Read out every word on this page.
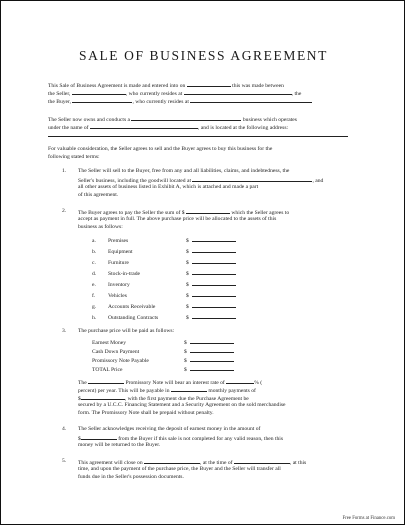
SALE OF BUSINESS AGREEMENT
This Sale of Business Agreement is made and entered into on	this was made between
the Seller,	, who currently resides at	, the
the Buyer,	, who currently resides at
The Seller now owns and conducts a	business which operates
under the name of	, and is located at the following address:
For valuable consideration, the Seller agrees to sell and the Buyer agrees to buy this business for the
following stated terms:
1. The Seller will sell to the Buyer, free from any and all liabilities, claims, and indebtedness, the
Seller's business, including the goodwill located at	, and
all other assets of business listed in Exhibit A, which is attached and made a part
of this agreement.
2. The Buyer agrees to pay the Seller the sum of $	which the Seller agrees to
accept as payment in full. The above purchase price will be allocated to the assets of this
business as follows:
a. Premises	$
b. Equipment	$
c. Furniture	$
d. Stock-in-trade	$
e. Inventory	$
f. Vehicles	$
g. Accounts Receivable	$
h. Outstanding Contracts	$
3. The purchase price will be paid as follows:
Earnest Money	$
Cash Down Payment	$
Promissory Note Payable	$
TOTAL Price	$
The	Promissory Note will bear an interest rate of	% (
percent) per year. This will be payable in	monthly payments of
$	, with the first payment due the Purchase Agreement be
secured by a U.C.C. Financing Statement and a Security Agreement on the sold merchandise
form. The Promissory Note shall be prepaid without penalty.
4. The Seller acknowledges receiving the deposit of earnest money in the amount of
$	from the Buyer if this sale is not completed for any valid reason, then this
money will be returned to the Buyer.
5. This agreement will close on	, at the time of	, at this
time, and upon the payment of the purchase price, the Buyer and the Seller will transfer all
funds due in the Seller's possession documents.
Free Forms at Finance.com
